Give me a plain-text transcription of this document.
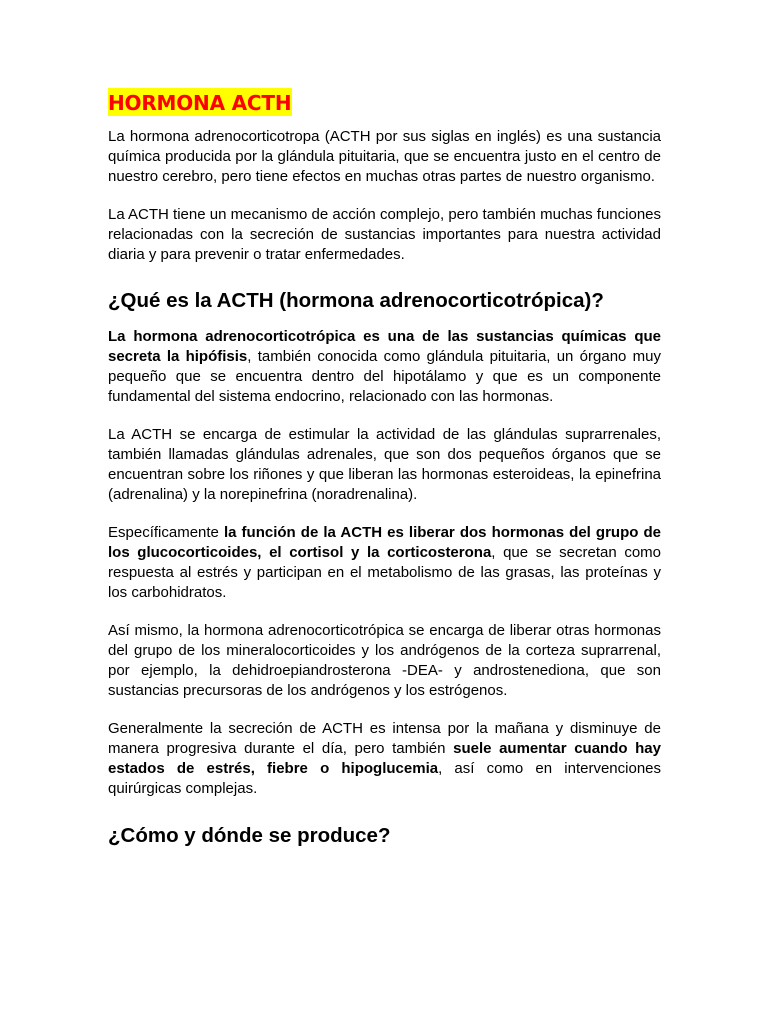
HORMONA ACTH

La hormona adrenocorticotropa (ACTH por sus siglas en inglés) es una sustancia química producida por la glándula pituitaria, que se encuentra justo en el centro de nuestro cerebro, pero tiene efectos en muchas otras partes de nuestro organismo.

La ACTH tiene un mecanismo de acción complejo, pero también muchas funciones relacionadas con la secreción de sustancias importantes para nuestra actividad diaria y para prevenir o tratar enfermedades.

¿Qué es la ACTH (hormona adrenocorticotrópica)?

La hormona adrenocorticotrópica es una de las sustancias químicas que secreta la hipófisis, también conocida como glándula pituitaria, un órgano muy pequeño que se encuentra dentro del hipotálamo y que es un componente fundamental del sistema endocrino, relacionado con las hormonas.

La ACTH se encarga de estimular la actividad de las glándulas suprarrenales, también llamadas glándulas adrenales, que son dos pequeños órganos que se encuentran sobre los riñones y que liberan las hormonas esteroideas, la epinefrina (adrenalina) y la norepinefrina (noradrenalina).

Específicamente la función de la ACTH es liberar dos hormonas del grupo de los glucocorticoides, el cortisol y la corticosterona, que se secretan como respuesta al estrés y participan en el metabolismo de las grasas, las proteínas y los carbohidratos.

Así mismo, la hormona adrenocorticotrópica se encarga de liberar otras hormonas del grupo de los mineralocorticoides y los andrógenos de la corteza suprarrenal, por ejemplo, la dehidroepiandrosterona -DEA- y androstenediona, que son sustancias precursoras de los andrógenos y los estrógenos.

Generalmente la secreción de ACTH es intensa por la mañana y disminuye de manera progresiva durante el día, pero también suele aumentar cuando hay estados de estrés, fiebre o hipoglucemia, así como en intervenciones quirúrgicas complejas.

¿Cómo y dónde se produce?
